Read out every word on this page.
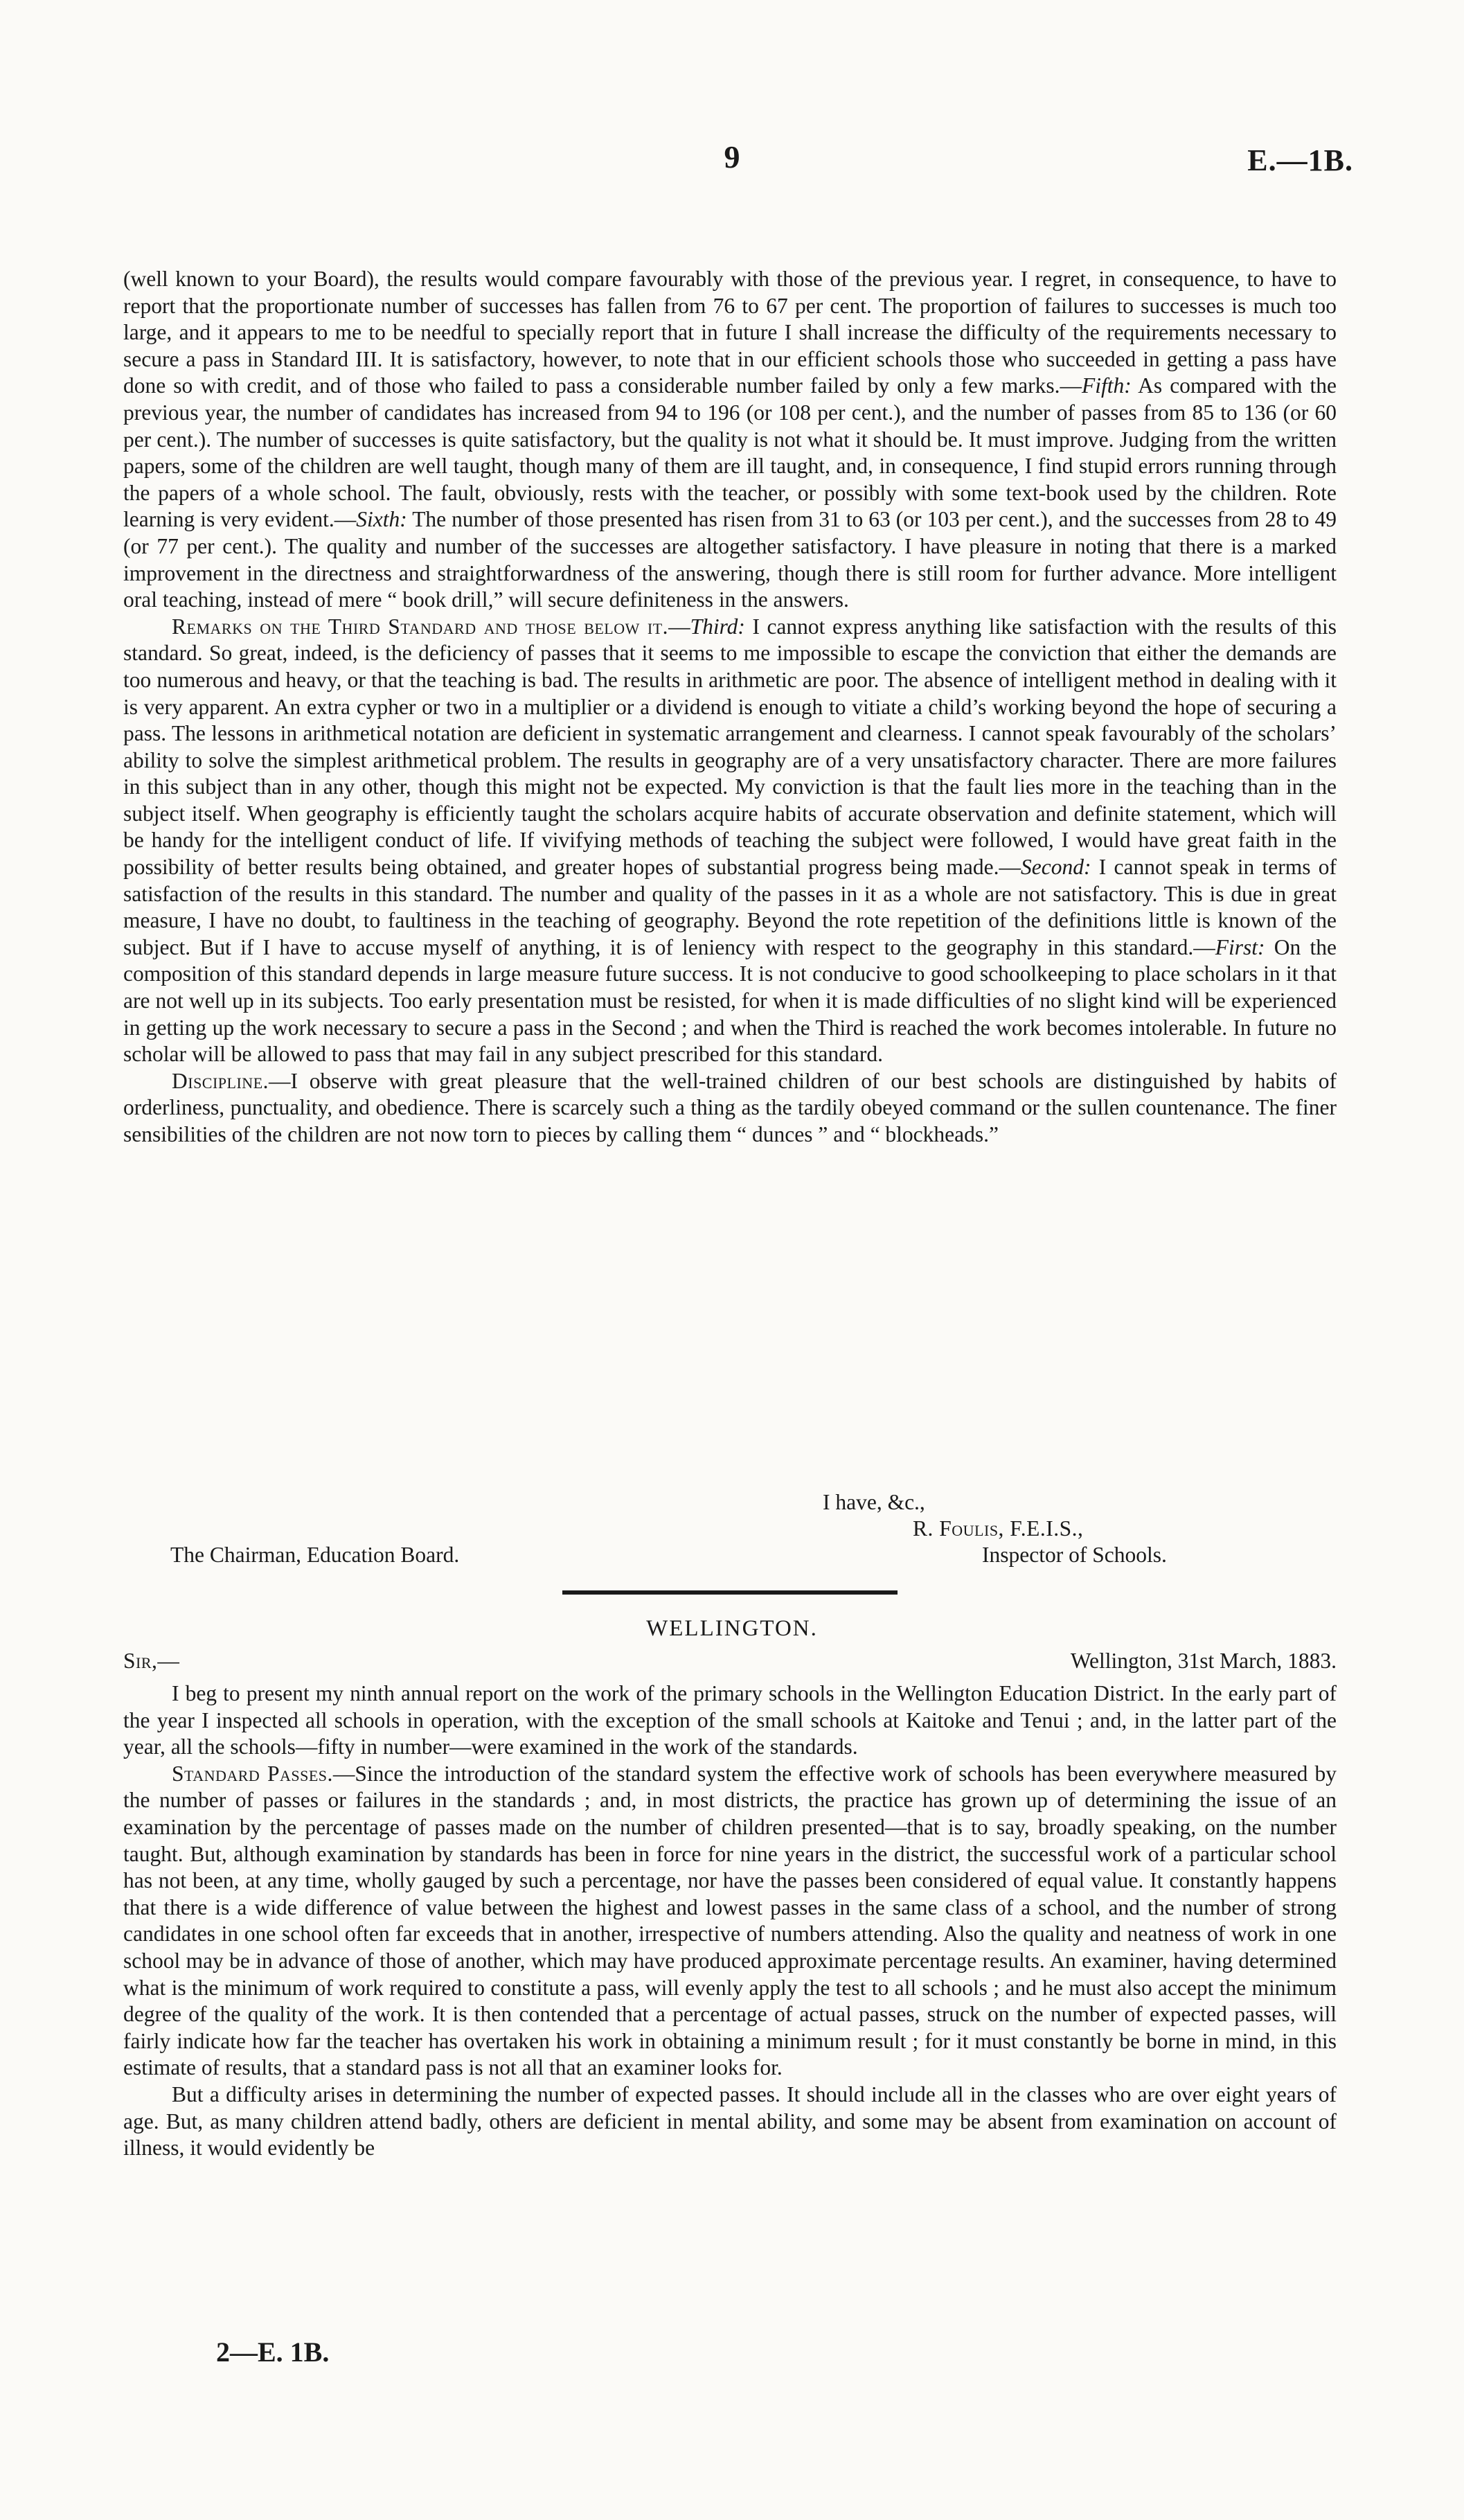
9	E.—1B.

(well known to your Board), the results would compare favourably with those of the previous year. I regret, in consequence, to have to report that the proportionate number of successes has fallen from 76 to 67 per cent. The proportion of failures to successes is much too large, and it appears to me to be needful to specially report that in future I shall increase the difficulty of the requirements necessary to secure a pass in Standard III. It is satisfactory, however, to note that in our efficient schools those who succeeded in getting a pass have done so with credit, and of those who failed to pass a considerable number failed by only a few marks.—Fifth: As compared with the previous year, the number of candidates has increased from 94 to 196 (or 108 per cent.), and the number of passes from 85 to 136 (or 60 per cent.). The number of successes is quite satisfactory, but the quality is not what it should be. It must improve. Judging from the written papers, some of the children are well taught, though many of them are ill taught, and, in consequence, I find stupid errors running through the papers of a whole school. The fault, obviously, rests with the teacher, or possibly with some text-book used by the children. Rote learning is very evident.—Sixth: The number of those presented has risen from 31 to 63 (or 103 per cent.), and the successes from 28 to 49 (or 77 per cent.). The quality and number of the successes are altogether satisfactory. I have pleasure in noting that there is a marked improvement in the directness and straightforwardness of the answering, though there is still room for further advance. More intelligent oral teaching, instead of mere “ book drill,” will secure definiteness in the answers.

Remarks on the Third Standard and those below it.—Third: I cannot express anything like satisfaction with the results of this standard. So great, indeed, is the deficiency of passes that it seems to me impossible to escape the conviction that either the demands are too numerous and heavy, or that the teaching is bad. The results in arithmetic are poor. The absence of intelligent method in dealing with it is very apparent. An extra cypher or two in a multiplier or a dividend is enough to vitiate a child’s working beyond the hope of securing a pass. The lessons in arithmetical notation are deficient in systematic arrangement and clearness. I cannot speak favourably of the scholars’ ability to solve the simplest arithmetical problem. The results in geography are of a very unsatisfactory character. There are more failures in this subject than in any other, though this might not be expected. My conviction is that the fault lies more in the teaching than in the subject itself. When geography is efficiently taught the scholars acquire habits of accurate observation and definite statement, which will be handy for the intelligent conduct of life. If vivifying methods of teaching the subject were followed, I would have great faith in the possibility of better results being obtained, and greater hopes of substantial progress being made.—Second: I cannot speak in terms of satisfaction of the results in this standard. The number and quality of the passes in it as a whole are not satisfactory. This is due in great measure, I have no doubt, to faultiness in the teaching of geography. Beyond the rote repetition of the definitions little is known of the subject. But if I have to accuse myself of anything, it is of leniency with respect to the geography in this standard.—First: On the composition of this standard depends in large measure future success. It is not conducive to good schoolkeeping to place scholars in it that are not well up in its subjects. Too early presentation must be resisted, for when it is made difficulties of no slight kind will be experienced in getting up the work necessary to secure a pass in the Second ; and when the Third is reached the work becomes intolerable. In future no scholar will be allowed to pass that may fail in any subject prescribed for this standard.

Discipline.—I observe with great pleasure that the well-trained children of our best schools are distinguished by habits of orderliness, punctuality, and obedience. There is scarcely such a thing as the tardily obeyed command or the sullen countenance. The finer sensibilities of the children are not now torn to pieces by calling them “ dunces ” and “ blockheads.”

I have, &c.,
R. Foulis, F.E.I.S.,
The Chairman, Education Board.	Inspector of Schools.
WELLINGTON.
Sir,—	Wellington, 31st March, 1883.

I beg to present my ninth annual report on the work of the primary schools in the Wellington Education District. In the early part of the year I inspected all schools in operation, with the exception of the small schools at Kaitoke and Tenui ; and, in the latter part of the year, all the schools—fifty in number—were examined in the work of the standards.

Standard Passes.—Since the introduction of the standard system the effective work of schools has been everywhere measured by the number of passes or failures in the standards ; and, in most districts, the practice has grown up of determining the issue of an examination by the percentage of passes made on the number of children presented—that is to say, broadly speaking, on the number taught. But, although examination by standards has been in force for nine years in the district, the successful work of a particular school has not been, at any time, wholly gauged by such a percentage, nor have the passes been considered of equal value. It constantly happens that there is a wide difference of value between the highest and lowest passes in the same class of a school, and the number of strong candidates in one school often far exceeds that in another, irrespective of numbers attending. Also the quality and neatness of work in one school may be in advance of those of another, which may have produced approximate percentage results. An examiner, having determined what is the minimum of work required to constitute a pass, will evenly apply the test to all schools ; and he must also accept the minimum degree of the quality of the work. It is then contended that a percentage of actual passes, struck on the number of expected passes, will fairly indicate how far the teacher has overtaken his work in obtaining a minimum result ; for it must constantly be borne in mind, in this estimate of results, that a standard pass is not all that an examiner looks for.

But a difficulty arises in determining the number of expected passes. It should include all in the classes who are over eight years of age. But, as many children attend badly, others are deficient in mental ability, and some may be absent from examination on account of illness, it would evidently be

2—E. 1B.
